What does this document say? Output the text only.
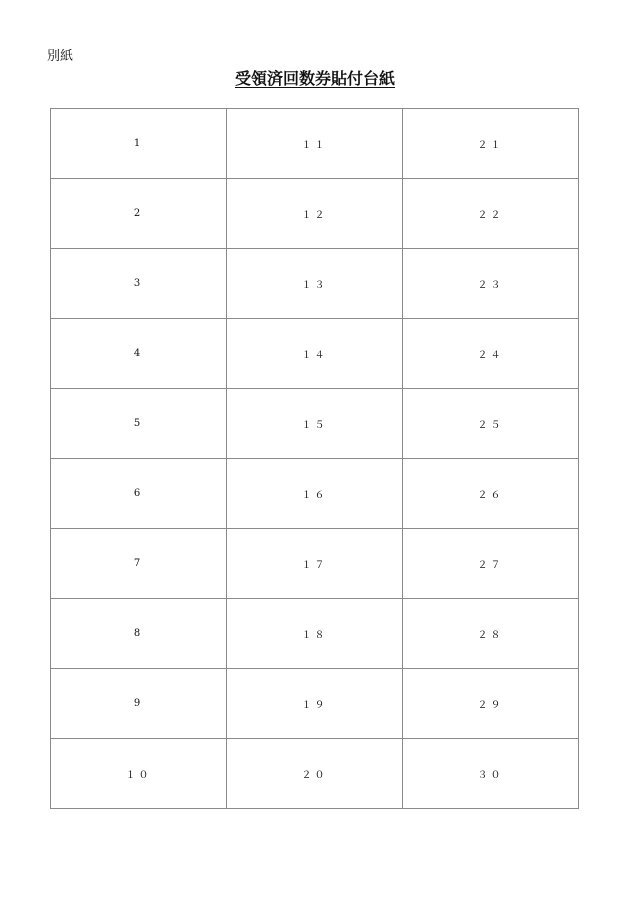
別紙
受領済回数券貼付台紙
1	１１	２１
2	１２	２２
3	１３	２３
4	１４	２４
5	１５	２５
6	１６	２６
7	１７	２７
8	１８	２８
9	１９	２９
１０	２０	３０
